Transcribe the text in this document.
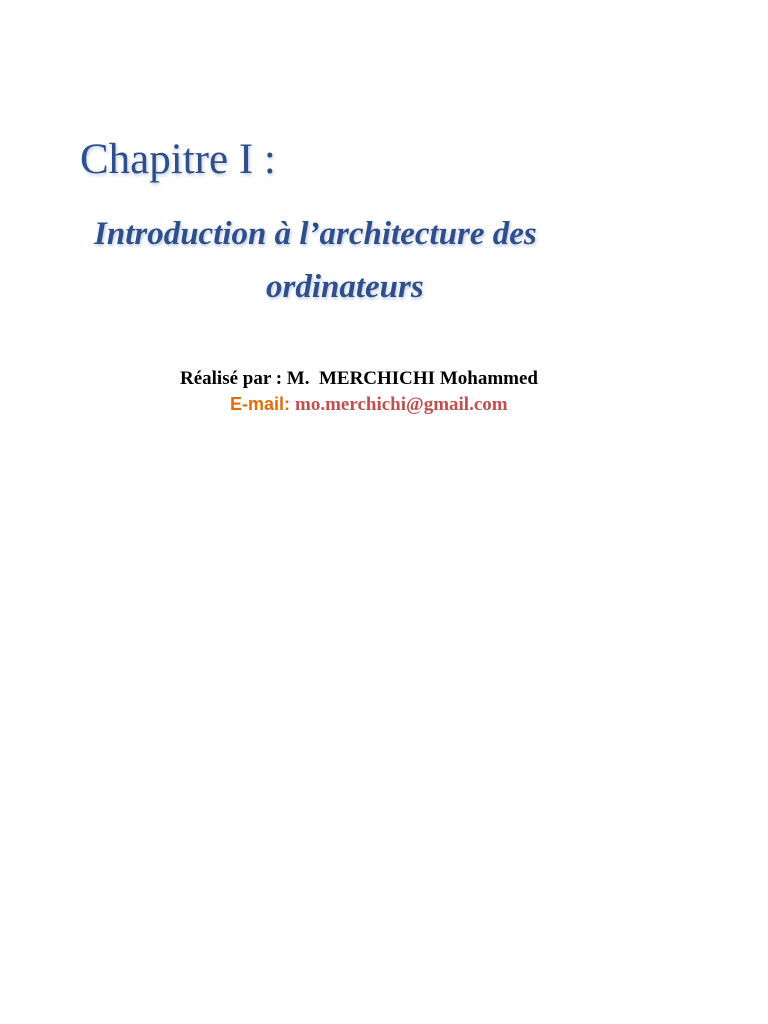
Chapitre I :
Introduction à l’architecture des
ordinateurs
Réalisé par : M.  MERCHICHI Mohammed
E-mail: mo.merchichi@gmail.com
